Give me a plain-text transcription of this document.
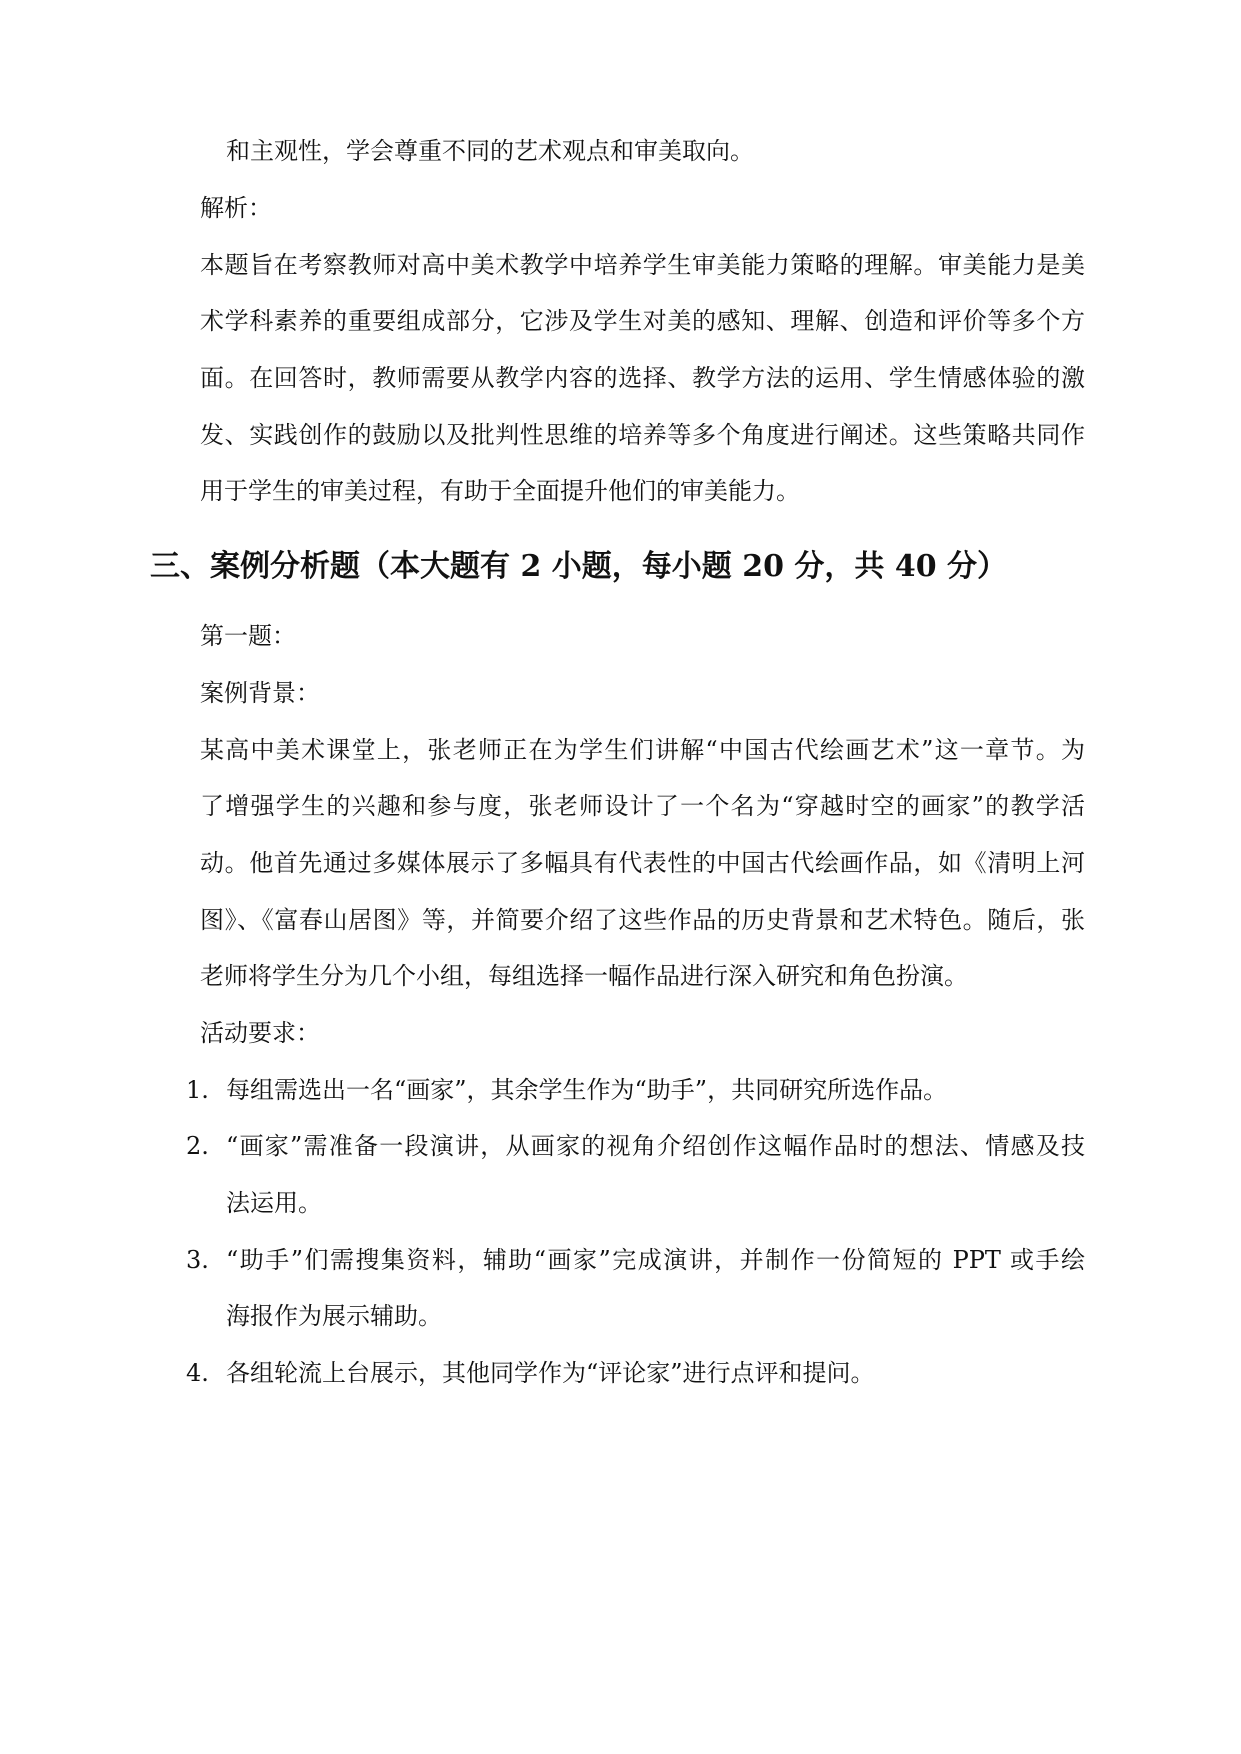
和主观性，学会尊重不同的艺术观点和审美取向。
解析：
本题旨在考察教师对高中美术教学中培养学生审美能力策略的理解。审美能力是美
术学科素养的重要组成部分，它涉及学生对美的感知、理解、创造和评价等多个方
面。在回答时，教师需要从教学内容的选择、教学方法的运用、学生情感体验的激
发、实践创作的鼓励以及批判性思维的培养等多个角度进行阐述。这些策略共同作
用于学生的审美过程，有助于全面提升他们的审美能力。
三、案例分析题（本大题有 2 小题，每小题 20 分，共 40 分）
第一题：
案例背景：
某高中美术课堂上，张老师正在为学生们讲解“中国古代绘画艺术”这一章节。为
了增强学生的兴趣和参与度，张老师设计了一个名为“穿越时空的画家”的教学活
动。他首先通过多媒体展示了多幅具有代表性的中国古代绘画作品，如《清明上河
图》、《富春山居图》等，并简要介绍了这些作品的历史背景和艺术特色。随后，张
老师将学生分为几个小组，每组选择一幅作品进行深入研究和角色扮演。
活动要求：
1. 每组需选出一名“画家”，其余学生作为“助手”，共同研究所选作品。
2. “画家”需准备一段演讲，从画家的视角介绍创作这幅作品时的想法、情感及技
法运用。
3. “助手”们需搜集资料，辅助“画家”完成演讲，并制作一份简短的 PPT 或手绘
海报作为展示辅助。
4. 各组轮流上台展示，其他同学作为“评论家”进行点评和提问。
